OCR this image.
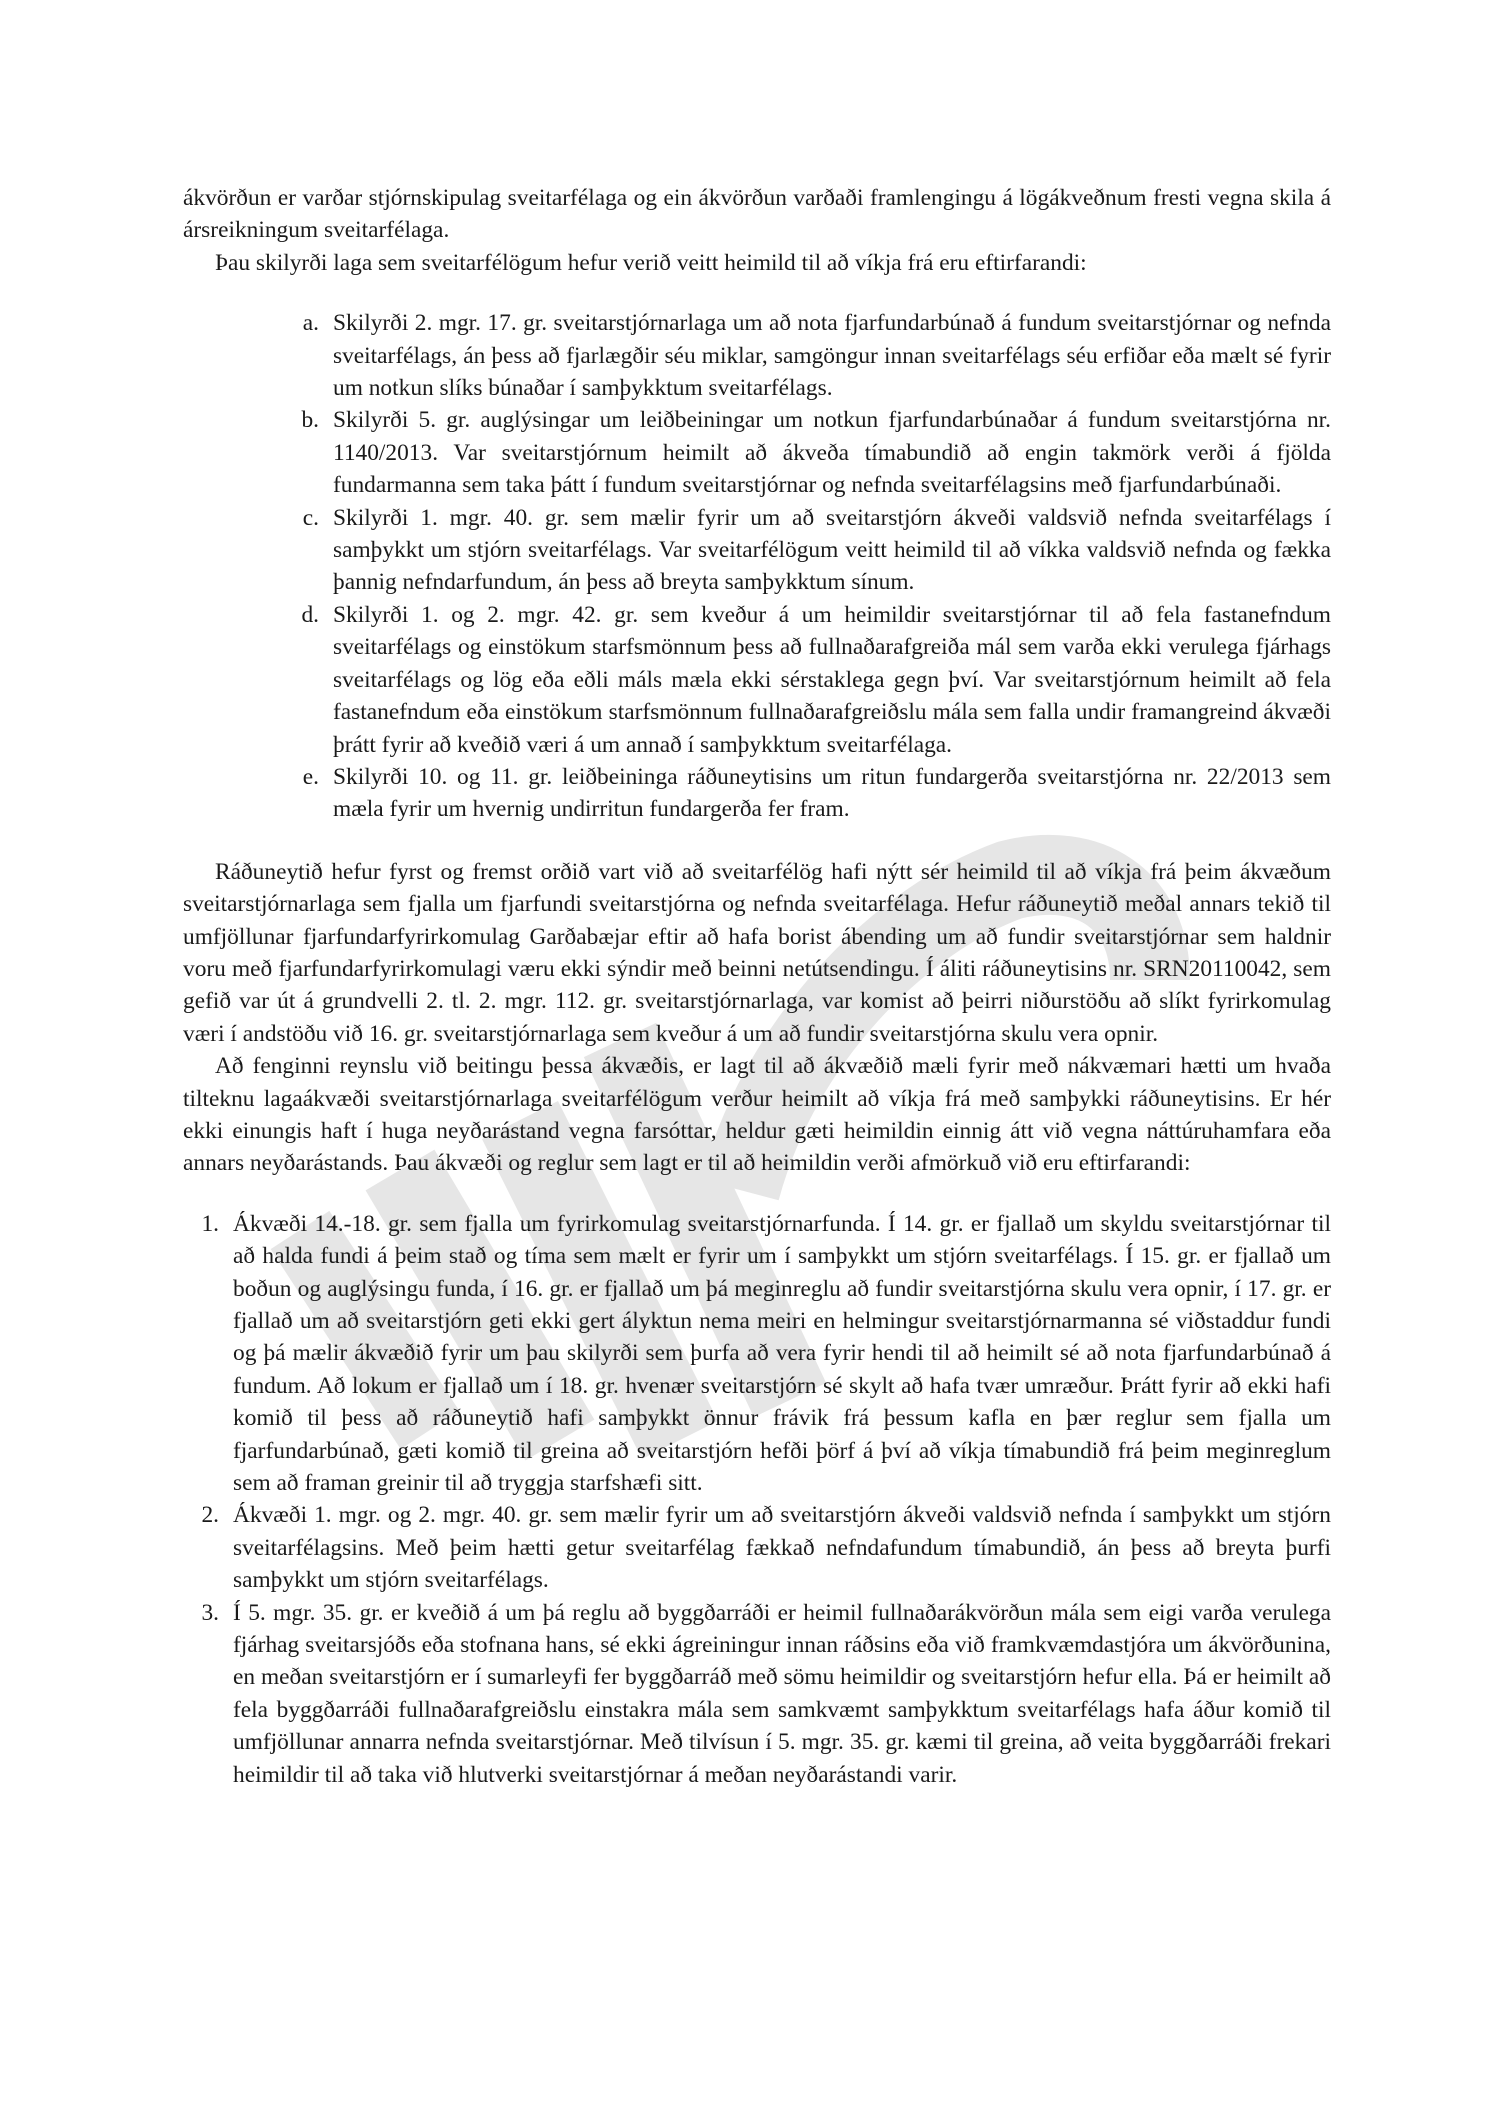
ákvörðun er varðar stjórnskipulag sveitarfélaga og ein ákvörðun varðaði framlengingu á lögákveðnum fresti vegna skila á ársreikningum sveitarfélaga.

Þau skilyrði laga sem sveitarfélögum hefur verið veitt heimild til að víkja frá eru eftirfarandi:

a. Skilyrði 2. mgr. 17. gr. sveitarstjórnarlaga um að nota fjarfundarbúnað á fundum sveitarstjórnar og nefnda sveitarfélags, án þess að fjarlægðir séu miklar, samgöngur innan sveitarfélags séu erfiðar eða mælt sé fyrir um notkun slíks búnaðar í samþykktum sveitarfélags.
b. Skilyrði 5. gr. auglýsingar um leiðbeiningar um notkun fjarfundarbúnaðar á fundum sveitarstjórna nr. 1140/2013. Var sveitarstjórnum heimilt að ákveða tímabundið að engin takmörk verði á fjölda fundarmanna sem taka þátt í fundum sveitarstjórnar og nefnda sveitarfélagsins með fjarfundarbúnaði.
c. Skilyrði 1. mgr. 40. gr. sem mælir fyrir um að sveitarstjórn ákveði valdsvið nefnda sveitarfélags í samþykkt um stjórn sveitarfélags. Var sveitarfélögum veitt heimild til að víkka valdsvið nefnda og fækka þannig nefndarfundum, án þess að breyta samþykktum sínum.
d. Skilyrði 1. og 2. mgr. 42. gr. sem kveður á um heimildir sveitarstjórnar til að fela fastanefndum sveitarfélags og einstökum starfsmönnum þess að fullnaðarafgreiða mál sem varða ekki verulega fjárhags sveitarfélags og lög eða eðli máls mæla ekki sérstaklega gegn því. Var sveitarstjórnum heimilt að fela fastanefndum eða einstökum starfsmönnum fullnaðarafgreiðslu mála sem falla undir framangreind ákvæði þrátt fyrir að kveðið væri á um annað í samþykktum sveitarfélaga.
e. Skilyrði 10. og 11. gr. leiðbeininga ráðuneytisins um ritun fundargerða sveitarstjórna nr. 22/2013 sem mæla fyrir um hvernig undirritun fundargerða fer fram.

Ráðuneytið hefur fyrst og fremst orðið vart við að sveitarfélög hafi nýtt sér heimild til að víkja frá þeim ákvæðum sveitarstjórnarlaga sem fjalla um fjarfundi sveitarstjórna og nefnda sveitarfélaga. Hefur ráðuneytið meðal annars tekið til umfjöllunar fjarfundarfyrirkomulag Garðabæjar eftir að hafa borist ábending um að fundir sveitarstjórnar sem haldnir voru með fjarfundarfyrirkomulagi væru ekki sýndir með beinni netútsendingu. Í áliti ráðuneytisins nr. SRN20110042, sem gefið var út á grundvelli 2. tl. 2. mgr. 112. gr. sveitarstjórnarlaga, var komist að þeirri niðurstöðu að slíkt fyrirkomulag væri í andstöðu við 16. gr. sveitarstjórnarlaga sem kveður á um að fundir sveitarstjórna skulu vera opnir.

Að fenginni reynslu við beitingu þessa ákvæðis, er lagt til að ákvæðið mæli fyrir með nákvæmari hætti um hvaða tilteknu lagaákvæði sveitarstjórnarlaga sveitarfélögum verður heimilt að víkja frá með samþykki ráðuneytisins. Er hér ekki einungis haft í huga neyðarástand vegna farsóttar, heldur gæti heimildin einnig átt við vegna náttúruhamfara eða annars neyðarástands. Þau ákvæði og reglur sem lagt er til að heimildin verði afmörkuð við eru eftirfarandi:

1. Ákvæði 14.-18. gr. sem fjalla um fyrirkomulag sveitarstjórnarfunda. Í 14. gr. er fjallað um skyldu sveitarstjórnar til að halda fundi á þeim stað og tíma sem mælt er fyrir um í samþykkt um stjórn sveitarfélags. Í 15. gr. er fjallað um boðun og auglýsingu funda, í 16. gr. er fjallað um þá meginreglu að fundir sveitarstjórna skulu vera opnir, í 17. gr. er fjallað um að sveitarstjórn geti ekki gert ályktun nema meiri en helmingur sveitarstjórnarmanna sé viðstaddur fundi og þá mælir ákvæðið fyrir um þau skilyrði sem þurfa að vera fyrir hendi til að heimilt sé að nota fjarfundarbúnað á fundum. Að lokum er fjallað um í 18. gr. hvenær sveitarstjórn sé skylt að hafa tvær umræður. Þrátt fyrir að ekki hafi komið til þess að ráðuneytið hafi samþykkt önnur frávik frá þessum kafla en þær reglur sem fjalla um fjarfundarbúnað, gæti komið til greina að sveitarstjórn hefði þörf á því að víkja tímabundið frá þeim meginreglum sem að framan greinir til að tryggja starfshæfi sitt.
2. Ákvæði 1. mgr. og 2. mgr. 40. gr. sem mælir fyrir um að sveitarstjórn ákveði valdsvið nefnda í samþykkt um stjórn sveitarfélagsins. Með þeim hætti getur sveitarfélag fækkað nefndafundum tímabundið, án þess að breyta þurfi samþykkt um stjórn sveitarfélags.
3. Í 5. mgr. 35. gr. er kveðið á um þá reglu að byggðarráði er heimil fullnaðarákvörðun mála sem eigi varða verulega fjárhag sveitarsjóðs eða stofnana hans, sé ekki ágreiningur innan ráðsins eða við framkvæmdastjóra um ákvörðunina, en meðan sveitarstjórn er í sumarleyfi fer byggðarráð með sömu heimildir og sveitarstjórn hefur ella. Þá er heimilt að fela byggðarráði fullnaðarafgreiðslu einstakra mála sem samkvæmt samþykktum sveitarfélags hafa áður komið til umfjöllunar annarra nefnda sveitarstjórnar. Með tilvísun í 5. mgr. 35. gr. kæmi til greina, að veita byggðarráði frekari heimildir til að taka við hlutverki sveitarstjórnar á meðan neyðarástandi varir.
